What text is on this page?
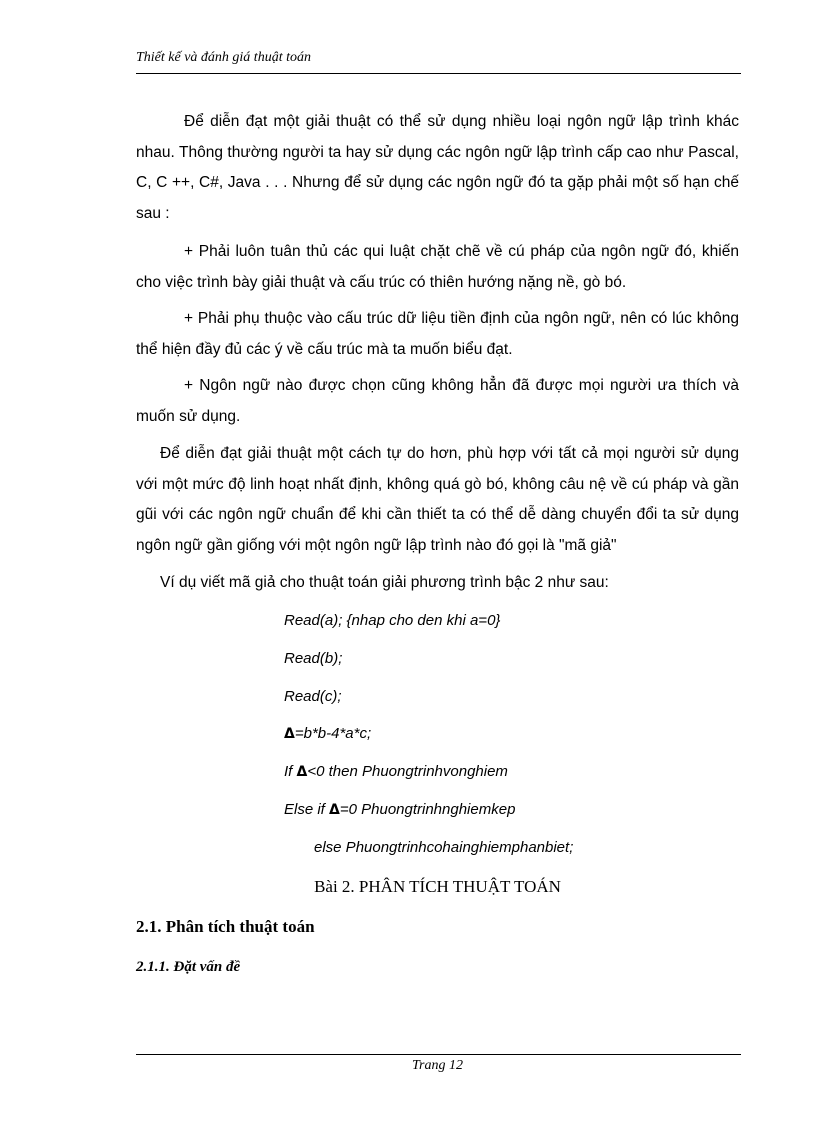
Thiết kế và đánh giá thuật toán
Để diễn đạt một giải thuật có thể sử dụng nhiều loại ngôn ngữ lập trình khác nhau. Thông thường người ta hay sử dụng các ngôn ngữ lập trình cấp cao như Pascal, C, C ++, C#, Java . . . Nhưng để sử dụng các ngôn ngữ đó ta gặp phải một số hạn chế sau :
+ Phải luôn tuân thủ các qui luật chặt chẽ về cú pháp của ngôn ngữ đó, khiến cho việc trình bày giải thuật và cấu trúc có thiên hướng nặng nề, gò bó.
+ Phải phụ thuộc vào cấu trúc dữ liệu tiền định của ngôn ngữ, nên có lúc không thể hiện đầy đủ các ý về cấu trúc mà ta muốn biểu đạt.
+ Ngôn ngữ nào được chọn cũng không hẳn đã được mọi người ưa thích và muốn sử dụng.
Để diễn đạt giải thuật một cách tự do hơn, phù hợp với tất cả mọi người sử dụng với một mức độ linh hoạt nhất định, không quá gò bó, không câu nệ về cú pháp và gần gũi với các ngôn ngữ chuẩn để khi cần thiết ta có thể dễ dàng chuyển đổi ta sử dụng ngôn ngữ gần giống với một ngôn ngữ lập trình nào đó gọi là "mã giả"
Ví dụ viết mã giả cho thuật toán giải phương trình bậc 2 như sau:
Read(a); {nhap cho den khi a=0}
Read(b);
Read(c);
Δ=b*b-4*a*c;
If Δ<0 then Phuongtrinhvonghiem
Else if Δ=0 Phuongtrinhnghiemkep
else Phuongtrinhcohainghiemphanbiet;
Bài 2. PHÂN TÍCH THUẬT TOÁN
2.1. Phân tích thuật toán
2.1.1. Đặt vấn đề
Trang 12
